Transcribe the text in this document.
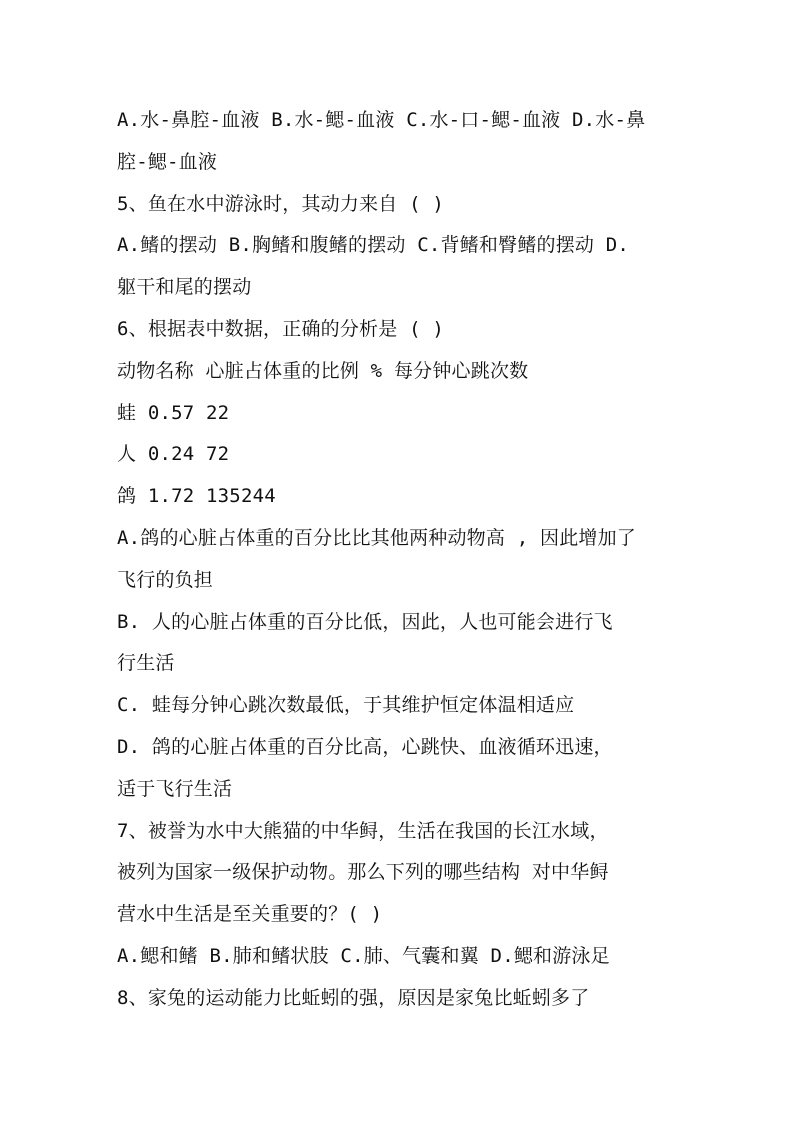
A.水-鼻腔-血液 B.水-鳃-血液 C.水-口-鳃-血液 D.水-鼻
腔-鳃-血液
5、鱼在水中游泳时，其动力来自 ( )
A.鳍的摆动 B.胸鳍和腹鳍的摆动 C.背鳍和臀鳍的摆动 D.
躯干和尾的摆动
6、根据表中数据，正确的分析是 ( )
动物名称 心脏占体重的比例 % 每分钟心跳次数
蛙 0.57 22
人 0.24 72
鸽 1.72 135244
A.鸽的心脏占体重的百分比比其他两种动物高 , 因此增加了
飞行的负担
B. 人的心脏占体重的百分比低，因此，人也可能会进行飞
行生活
C. 蛙每分钟心跳次数最低，于其维护恒定体温相适应
D. 鸽的心脏占体重的百分比高，心跳快、血液循环迅速，
适于飞行生活
7、被誉为水中大熊猫的中华鲟，生活在我国的长江水域，
被列为国家一级保护动物。那么下列的哪些结构 对中华鲟
营水中生活是至关重要的？( )
A.鳃和鳍 B.肺和鳍状肢 C.肺、气囊和翼 D.鳃和游泳足
8、家兔的运动能力比蚯蚓的强，原因是家兔比蚯蚓多了
